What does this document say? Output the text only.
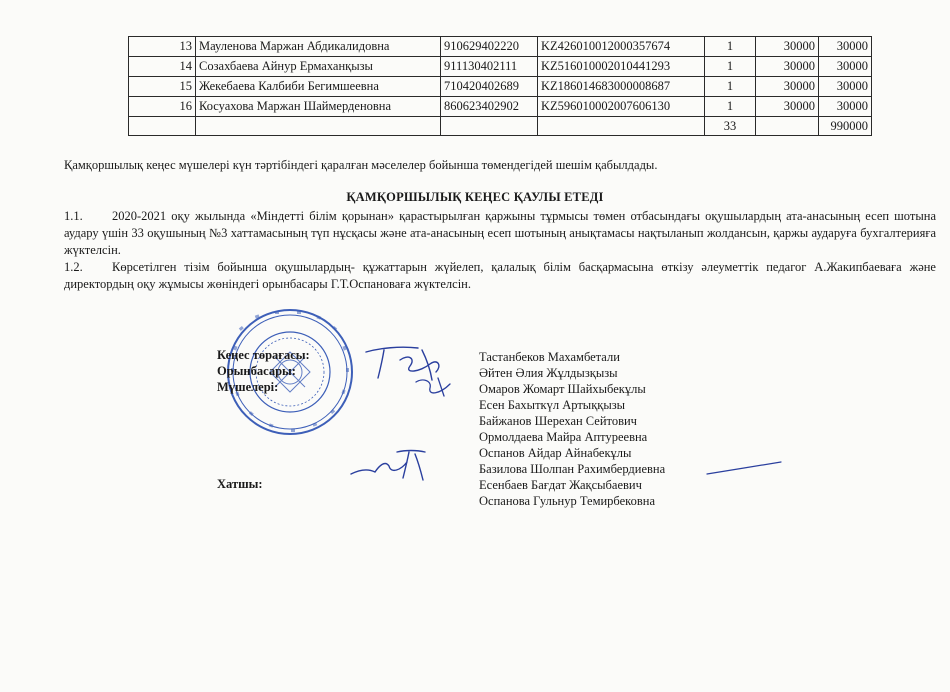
13	Мауленова Маржан Абдикалидовна	910629402220	KZ426010012000357674	1	30000	30000
14	Созахбаева Айнур Ермаханқызы	911130402111	KZ516010002010441293	1	30000	30000
15	Жекебаева Калбиби Бегимшеевна	710420402689	KZ186014683000008687	1	30000	30000
16	Косуахова Маржан Шаймерденовна	860623402902	KZ596010002007606130	1	30000	30000
				33		990000
Қамқоршылық кеңес мүшелері күн тәртібіндегі қаралған мәселелер бойынша төмендегідей шешім қабылдады.
ҚАМҚОРШЫЛЫҚ КЕҢЕС ҚАУЛЫ ЕТЕДІ
1.1.	2020-2021 оқу жылында «Міндетті білім қорынан» қарастырылған қаржыны тұрмысы төмен отбасындағы оқушылардың ата-анасының есеп шотына аудару үшін 33 оқушының №3 хаттамасының түп нұсқасы және ата-анасының есеп шотының анықтамасы нақтыланып жолдансын, қаржы аударуға бухгалтерияға жүктелсін.
1.2.	Көрсетілген тізім бойынша оқушылардың- құжаттарын жүйелеп, қалалық білім басқармасына өткізу әлеуметтік педагог А.Жакипбаеваға және директордың оқу жұмысы жөніндегі орынбасары Г.Т.Оспановаға жүктелсін.
Кеңес төрағасы:
Орынбасары:
Мүшелері:
Хатшы:
Тастанбеков Махамбетали
Әйтен Әлия Жұлдызқызы
Омаров Жомарт Шайхыбекұлы
Есен Бахыткүл Артыққызы
Байжанов Шерехан Сейтович
Ормолдаева Майра Аптуреевна
Оспанов Айдар Айнабекұлы
Базилова Шолпан Рахимбердиевна
Есенбаев Бағдат Жақсыбаевич
Оспанова Гульнур Темирбековна
